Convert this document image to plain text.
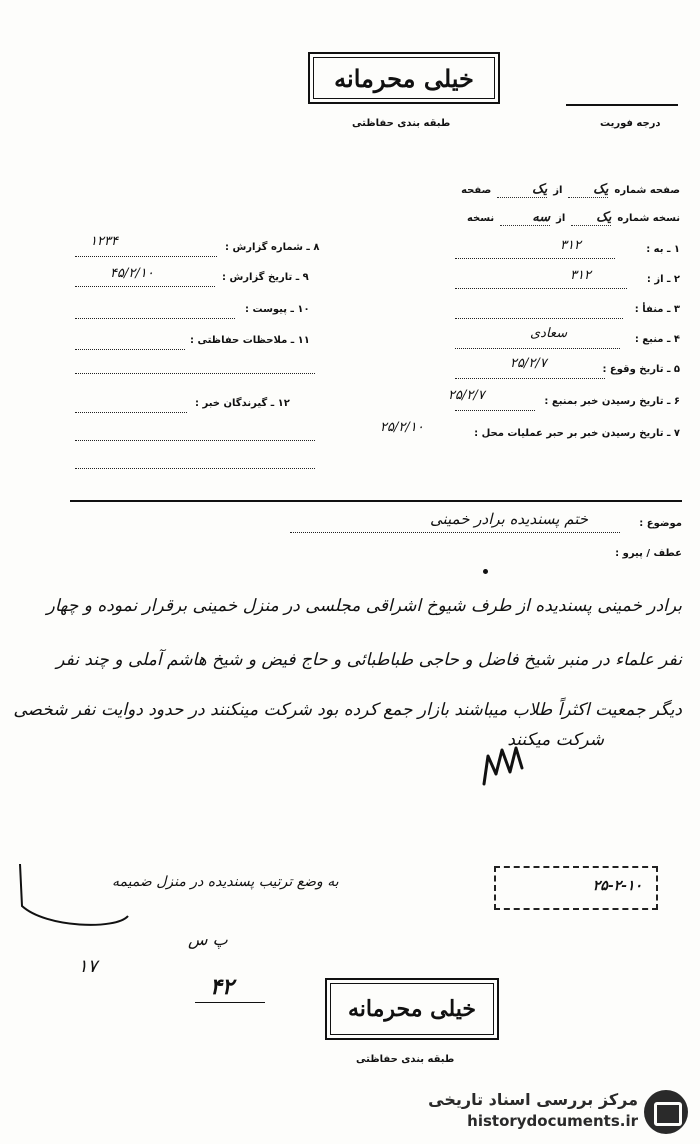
خیلی محرمانه
طبقه بندی حفاظتی	درجه فوریت
صفحه شماره
یک
از
یک
صفحه
نسخه شماره
یک
از
سه
نسخه
۱ ـ به :
۳۱۲
۲ ـ از :
۳۱۲
۳ ـ منفأ :
۴ ـ منبع :
سعادی
۵ ـ تاریخ وقوع :
۲۵/۲/۷
۶ ـ تاریخ رسیدن خبر بمنبع :
۲۵/۲/۷
۷ ـ تاریخ رسیدن خبر بر حبر عملیات محل :
۲۵/۲/۱۰
۸ ـ شماره گزارش :
۱۲۳۴
۹ ـ تاریخ گزارش :
۴۵/۲/۱۰
۱۰ ـ پیوست :
۱۱ ـ ملاحظات حفاظتی :
۱۲ ـ گیرندگان خبر :
موضوع :
ختم پسندیده برادر خمینی
عطف / پیرو :
برادر خمینی پسندیده از طرف شیوخ اشراقی مجلسی در منزل خمینی برقرار نموده و چهار
نفر علماء در منبر شیخ فاضل و حاجی طباطبائی و حاج فیض و شیخ هاشم آملی و چند نفر
دیگر جمعیت اکثراً طلاب میباشند بازار جمع کرده بود شرکت مینکنند در حدود دوایت نفر شخصی
شرکت میکنند
به وضع ترتیب پسندیده در منزل ضمیمه
پ س
۱۷
۴۲
۲۵-۲-۱۰
خیلی محرمانه
طبقه بندی حفاظتی
مرکز بررسی اسناد تاریخی
historydocuments.ir
